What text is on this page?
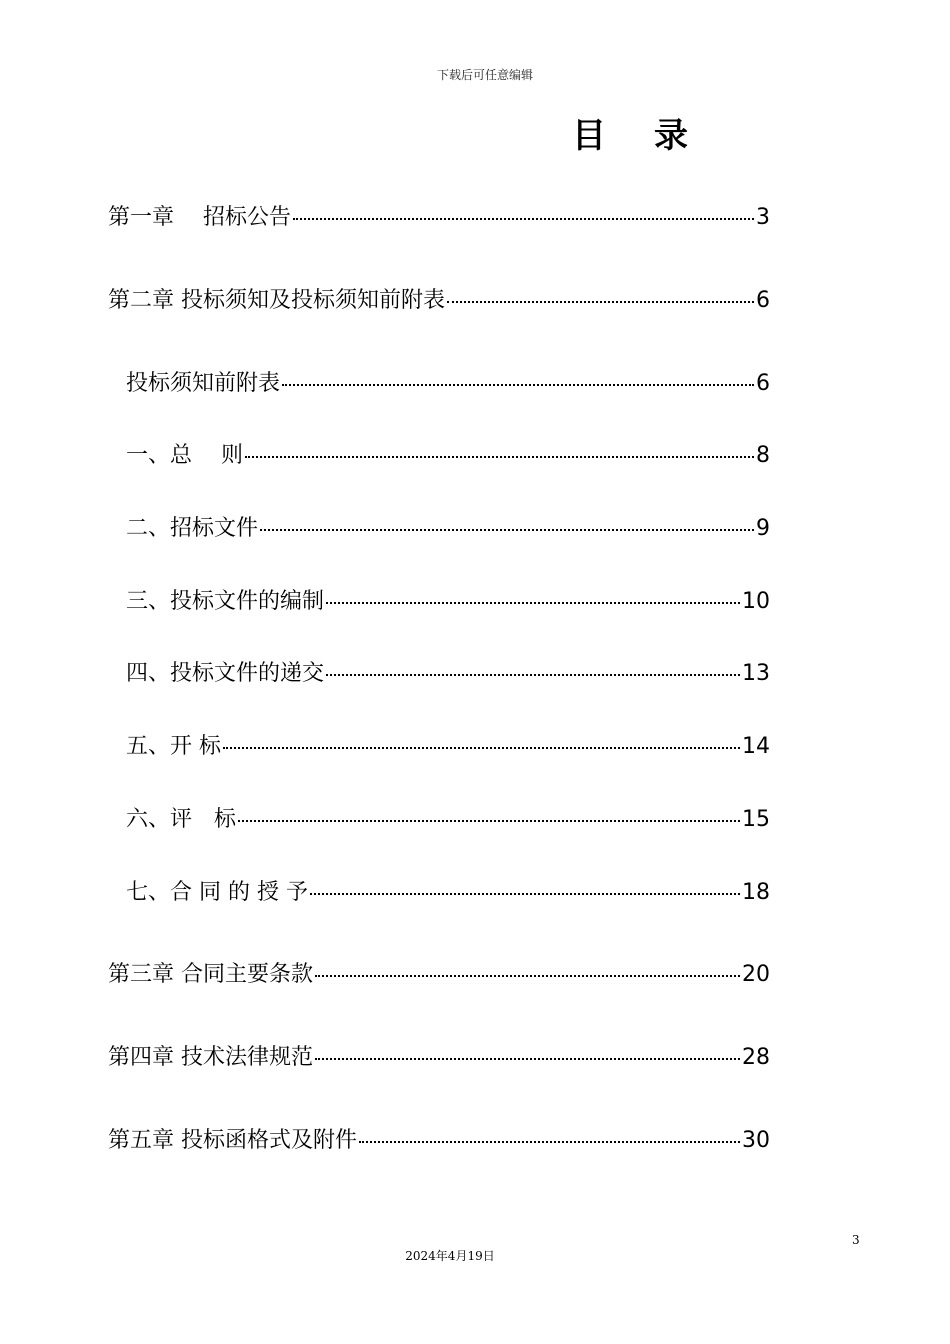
下载后可任意编辑
目录
第一章　 招标公告	3
第二章 投标须知及投标须知前附表	6
投标须知前附表	6
一、总　 则	8
二、招标文件	9
三、投标文件的编制	10
四、投标文件的递交	13
五、开 标	14
六、评　标	15
七、合 同 的 授 予	18
第三章 合同主要条款	20
第四章 技术法律规范	28
第五章 投标函格式及附件	30
3
2024年4月19日
